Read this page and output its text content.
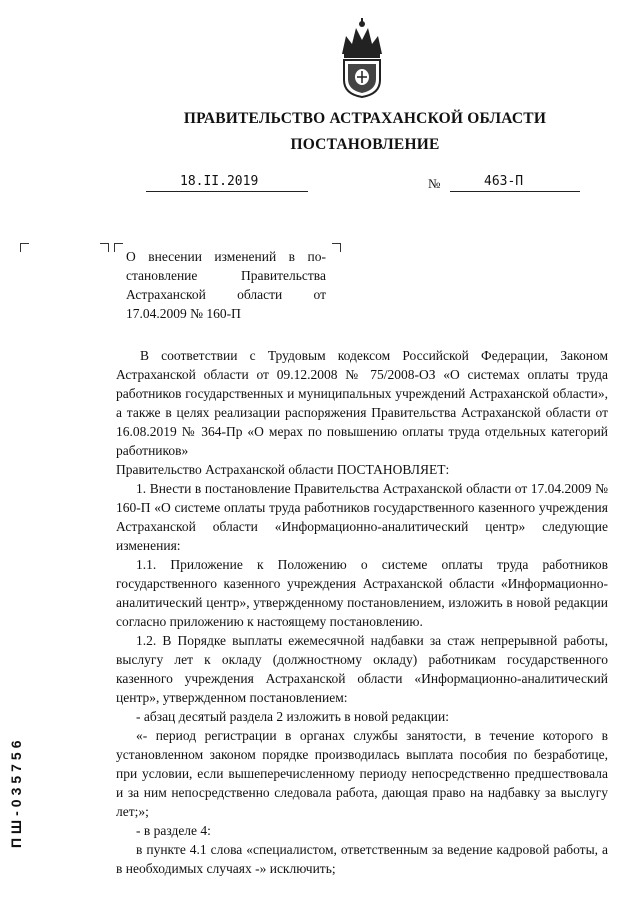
ПРАВИТЕЛЬСТВО АСТРАХАНСКОЙ ОБЛАСТИ
ПОСТАНОВЛЕНИЕ
18.II.2019	№	463-П
О внесении изменений в по-
становление Правительства
Астраханской области от
17.04.2009 № 160-П

В соответствии с Трудовым кодексом Российской Федерации, Законом Астраханской области от 09.12.2008 № 75/2008-ОЗ «О системах оплаты труда работников государственных и муниципальных учреждений Астраханской области», а также в целях реализации распоряжения Правительства Астраханской области от 16.08.2019 № 364-Пр «О мерах по повышению оплаты труда отдельных категорий работников»

Правительство Астраханской области ПОСТАНОВЛЯЕТ:

1. Внести в постановление Правительства Астраханской области от 17.04.2009 № 160-П «О системе оплаты труда работников государственного казенного учреждения Астраханской области «Информационно-аналитический центр» следующие изменения:

1.1. Приложение к Положению о системе оплаты труда работников государственного казенного учреждения Астраханской области «Информационно-аналитический центр», утвержденному постановлением, изложить в новой редакции согласно приложению к настоящему постановлению.

1.2. В Порядке выплаты ежемесячной надбавки за стаж непрерывной работы, выслугу лет к окладу (должностному окладу) работникам государственного казенного учреждения Астраханской области «Информационно-аналитический центр», утвержденном постановлением:

- абзац десятый раздела 2 изложить в новой редакции:

«- период регистрации в органах службы занятости, в течение которого в установленном законом порядке производилась выплата пособия по безработице, при условии, если вышеперечисленному периоду непосредственно предшествовала и за ним непосредственно следовала работа, дающая право на надбавку за выслугу лет;»;

- в разделе 4:

в пункте 4.1 слова «специалистом, ответственным за ведение кадровой работы, а в необходимых случаях -» исключить;

ПШ-035756
